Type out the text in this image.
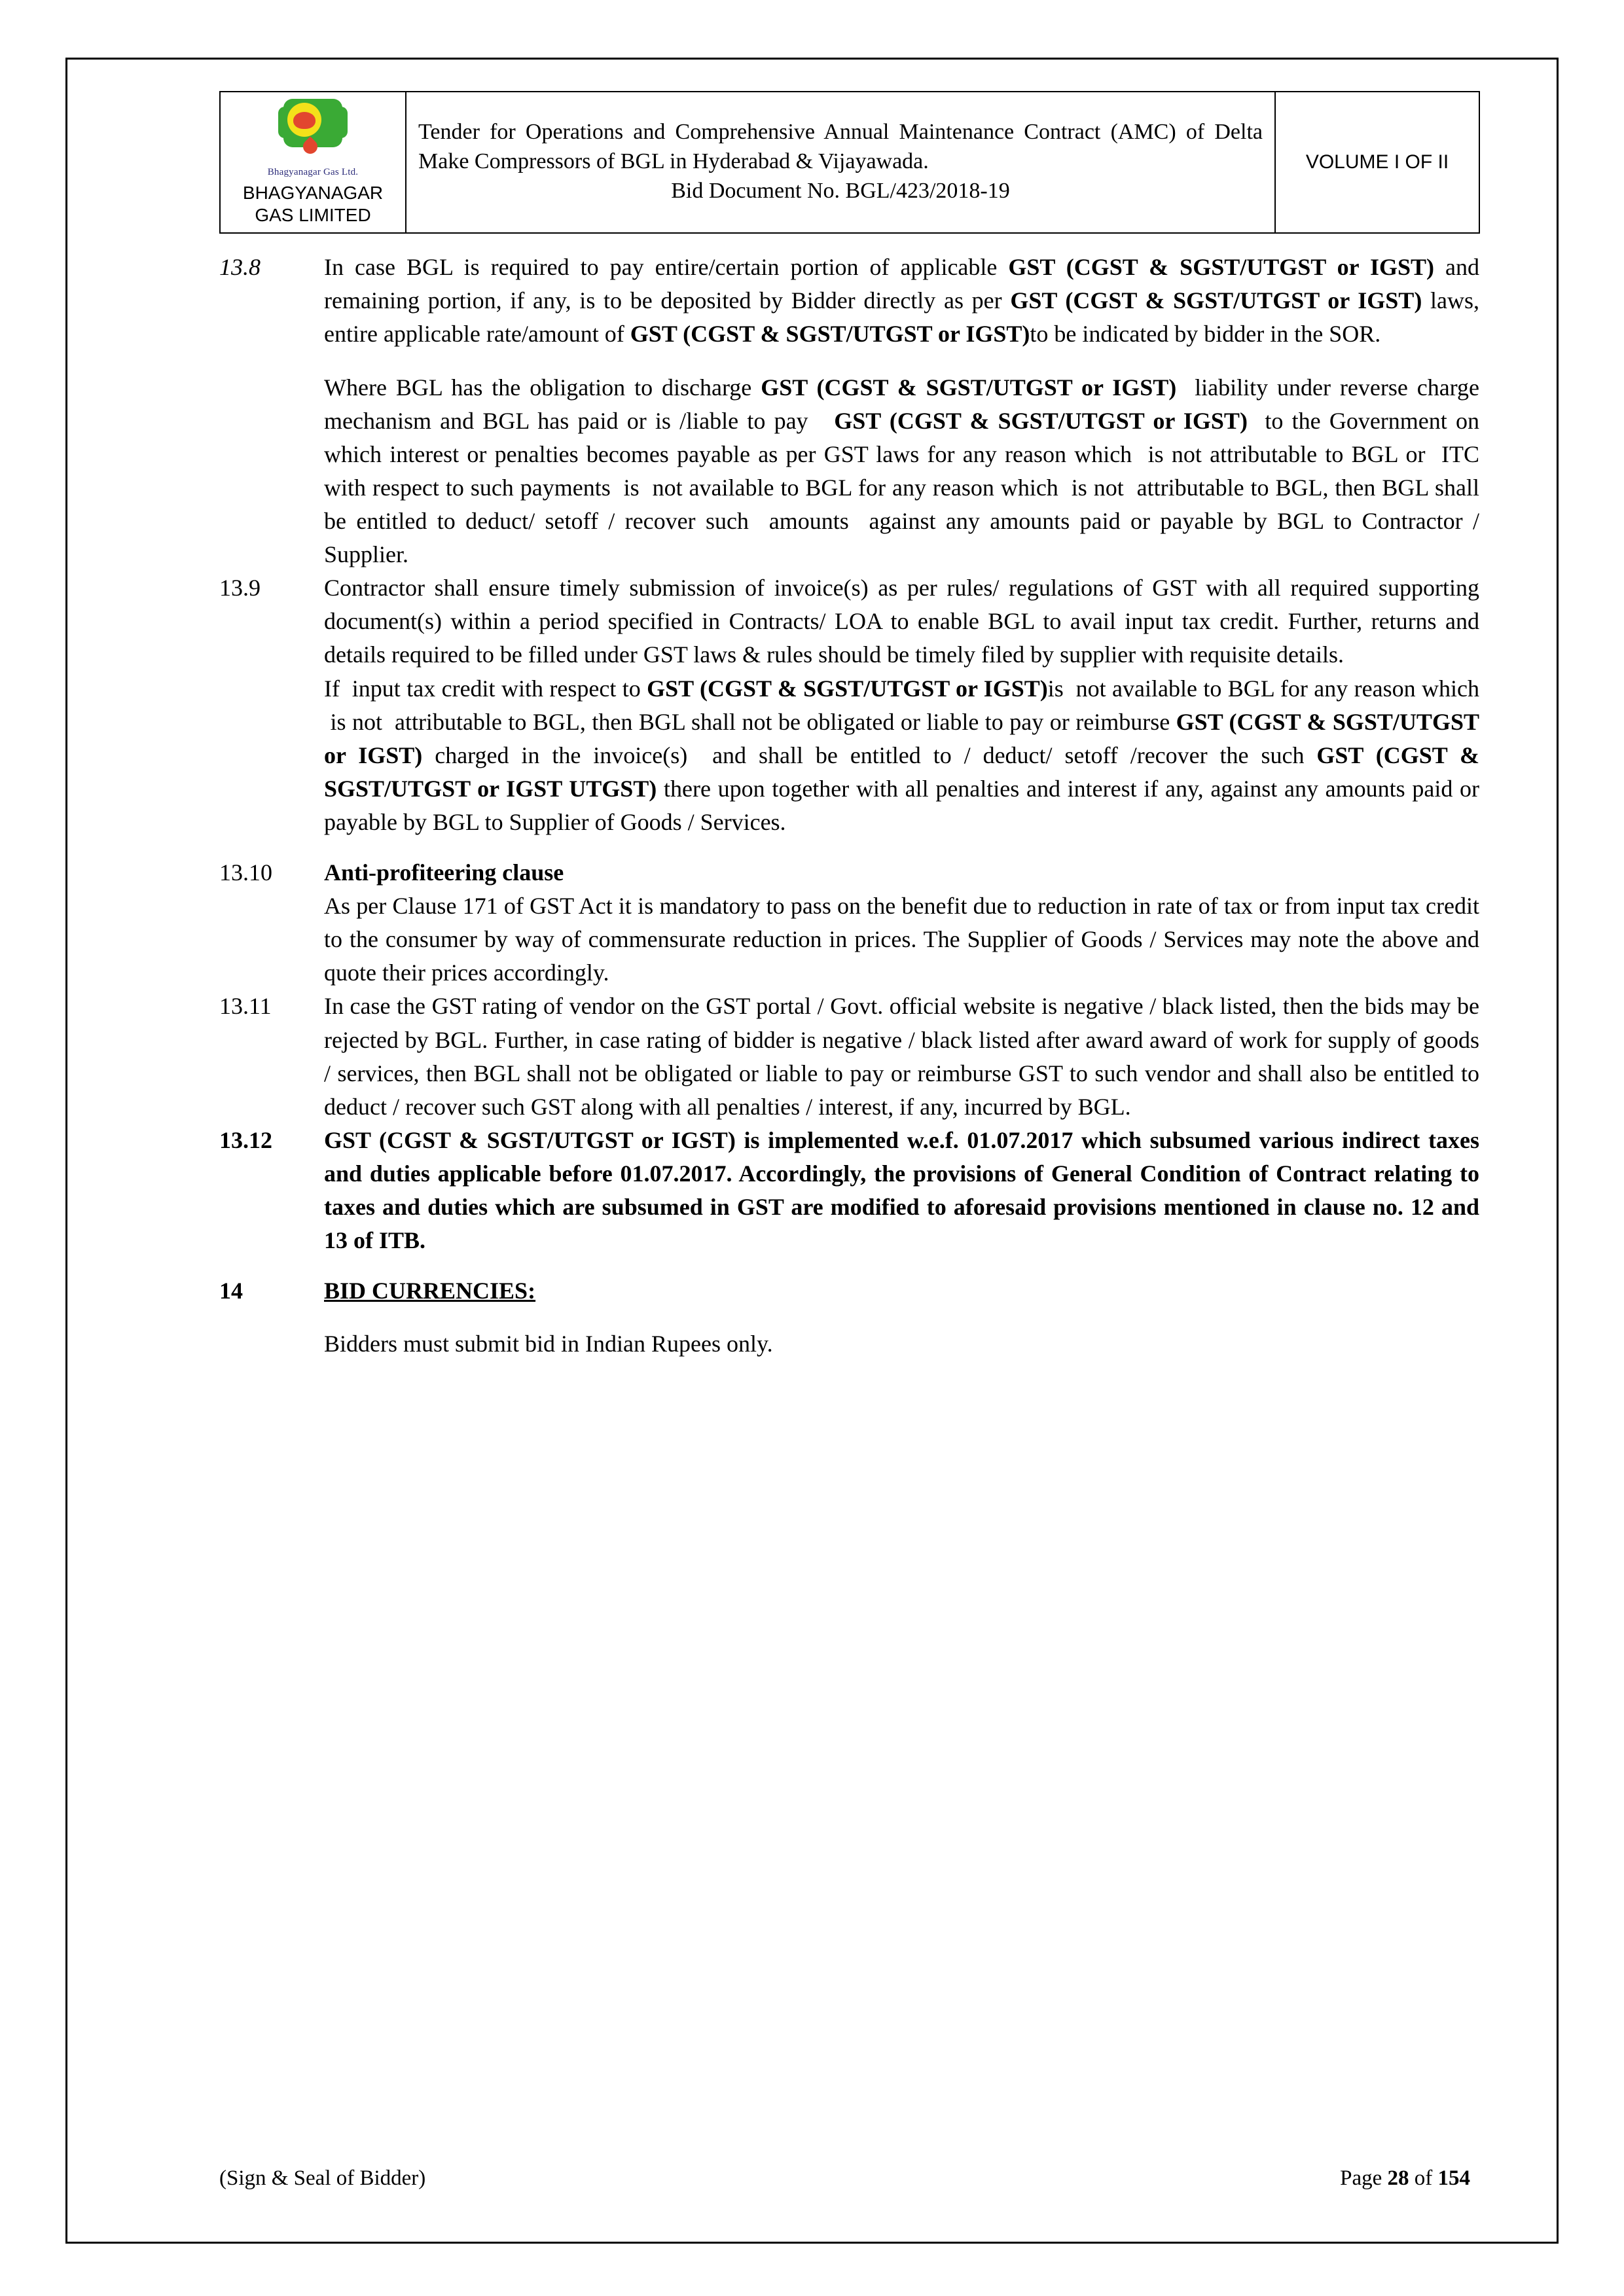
Bhagyanagar Gas Ltd.
BHAGYANAGAR GAS LIMITED

Tender for Operations and Comprehensive Annual Maintenance Contract (AMC) of Delta Make Compressors of BGL in Hyderabad & Vijayawada.
Bid Document No. BGL/423/2018-19
	VOLUME I OF II
13.8	In case BGL is required to pay entire/certain portion of applicable GST (CGST & SGST/UTGST or IGST) and remaining portion, if any, is to be deposited by Bidder directly as per GST (CGST & SGST/UTGST or IGST) laws, entire applicable rate/amount of GST (CGST & SGST/UTGST or IGST)to be indicated by bidder in the SOR.

Where BGL has the obligation to discharge GST (CGST & SGST/UTGST or IGST)  liability under reverse charge mechanism and BGL has paid or is /liable to pay   GST (CGST & SGST/UTGST or IGST)  to the Government on which interest or penalties becomes payable as per GST laws for any reason which  is not attributable to BGL or  ITC with respect to such payments  is  not available to BGL for any reason which  is not  attributable to BGL, then BGL shall be entitled to deduct/ setoff / recover such  amounts  against any amounts paid or payable by BGL to Contractor / Supplier.

13.9	Contractor shall ensure timely submission of invoice(s) as per rules/ regulations of GST with all required supporting document(s) within a period specified in Contracts/ LOA to enable BGL to avail input tax credit. Further, returns and details required to be filled under GST laws & rules should be timely filed by supplier with requisite details.

If  input tax credit with respect to GST (CGST & SGST/UTGST or IGST)is  not available to BGL for any reason which  is not  attributable to BGL, then BGL shall not be obligated or liable to pay or reimburse GST (CGST & SGST/UTGST or IGST) charged in the invoice(s)  and shall be entitled to / deduct/ setoff /recover the such GST (CGST & SGST/UTGST or IGST UTGST) there upon together with all penalties and interest if any, against any amounts paid or payable by BGL to Supplier of Goods / Services.

13.10	Anti-profiteering clause

As per Clause 171 of GST Act it is mandatory to pass on the benefit due to reduction in rate of tax or from input tax credit to the consumer by way of commensurate reduction in prices. The Supplier of Goods / Services may note the above and quote their prices accordingly.

13.11	In case the GST rating of vendor on the GST portal / Govt. official website is negative / black listed, then the bids may be rejected by BGL. Further, in case rating of bidder is negative / black listed after award award of work for supply of goods / services, then BGL shall not be obligated or liable to pay or reimburse GST to such vendor and shall also be entitled to deduct / recover such GST along with all penalties / interest, if any, incurred by BGL.

13.12	GST (CGST & SGST/UTGST or IGST) is implemented w.e.f. 01.07.2017 which subsumed various indirect taxes and duties applicable before 01.07.2017. Accordingly, the provisions of General Condition of Contract relating to taxes and duties which are subsumed in GST are modified to aforesaid provisions mentioned in clause no. 12 and 13 of ITB.

14	BID CURRENCIES:

Bidders must submit bid in Indian Rupees only.

(Sign & Seal of Bidder)	Page 28 of 154
